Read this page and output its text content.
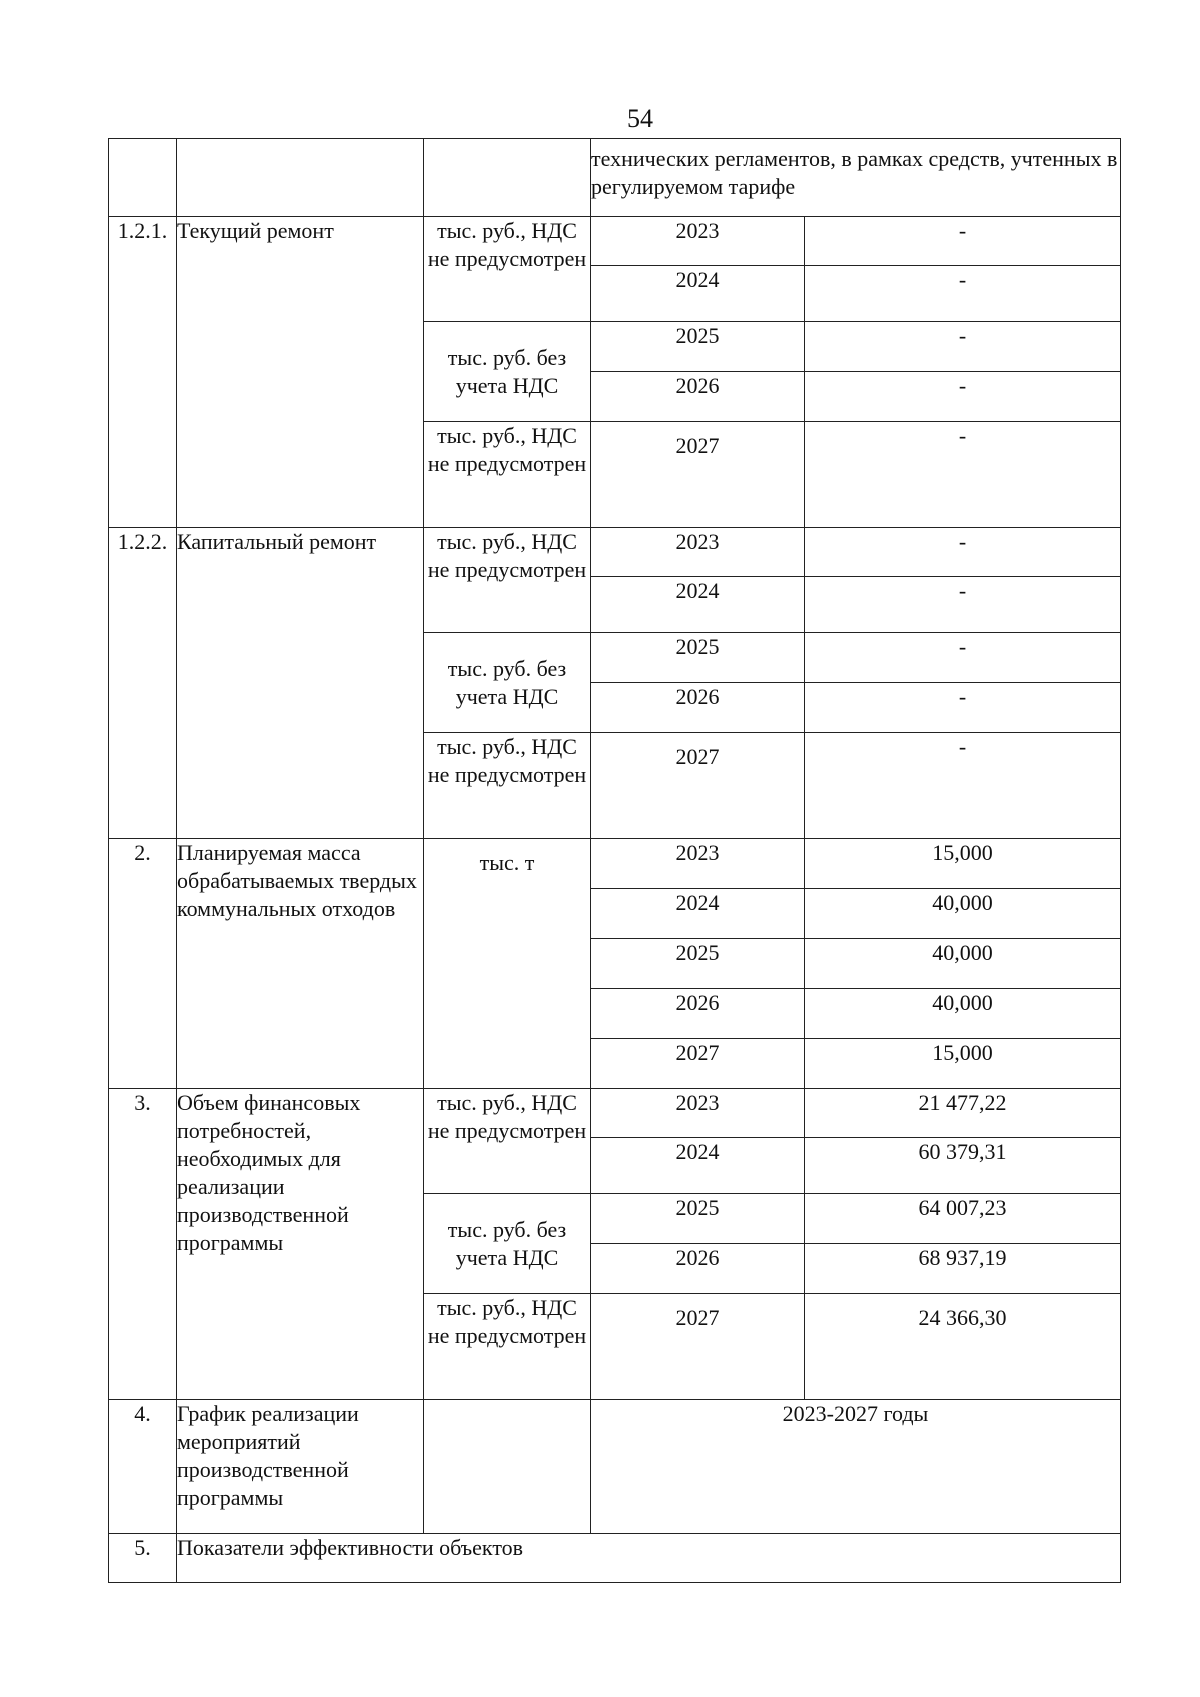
54
			технических регламентов, в рамках средств, учтенных в регулируемом тарифе	
1.2.1.	Текущий ремонт	тыс. руб., НДС не предусмотрен	2023	-
			2024	-
		тыс. руб. без учета НДС	2025	-
			2026	-
		тыс. руб., НДС не предусмотрен	2027	-
1.2.2.	Капитальный ремонт	тыс. руб., НДС не предусмотрен	2023	-
			2024	-
		тыс. руб. без учета НДС	2025	-
			2026	-
		тыс. руб., НДС не предусмотрен	2027	-
2.	Планируемая масса обрабатываемых твердых коммунальных отходов	тыс. т	2023	15,000
			2024	40,000
			2025	40,000
			2026	40,000
			2027	15,000
3.	Объем финансовых потребностей, необходимых для реализации производственной программы	тыс. руб., НДС не предусмотрен	2023	21 477,22
			2024	60 379,31
		тыс. руб. без учета НДС	2025	64 007,23
			2026	68 937,19
		тыс. руб., НДС не предусмотрен	2027	24 366,30
4.	График реализации мероприятий производственной программы		2023-2027 годы	
5.	Показатели эффективности объектов			
